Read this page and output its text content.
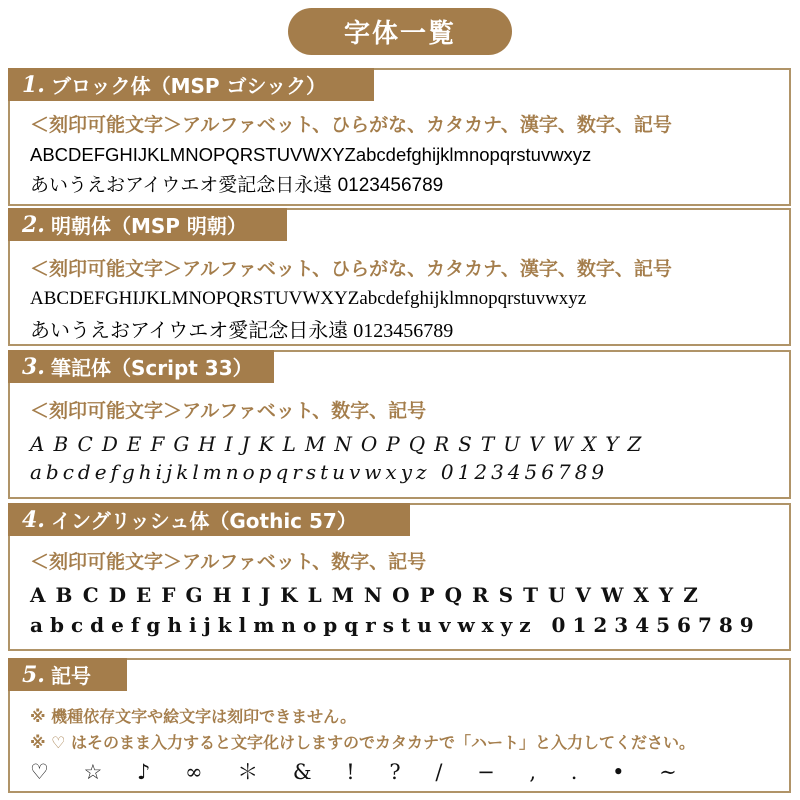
字体一覧
1. ブロック体（MSP ゴシック）
＜刻印可能文字＞アルファベット、ひらがな、カタカナ、漢字、数字、記号
ABCDEFGHIJKLMNOPQRSTUVWXYZabcdefghijklmnopqrstuvwxyz
あいうえおアイウエオ愛記念日永遠 0123456789
2. 明朝体（MSP 明朝）
＜刻印可能文字＞アルファベット、ひらがな、カタカナ、漢字、数字、記号
ABCDEFGHIJKLMNOPQRSTUVWXYZabcdefghijklmnopqrstuvwxyz
あいうえおアイウエオ愛記念日永遠 0123456789
3. 筆記体（Script 33）
＜刻印可能文字＞アルファベット、数字、記号
ABCDEFGHIJKLMNOPQRSTUVWXYZ
abcdefghijklmnopqrstuvwxyz 0123456789
4. イングリッシュ体（Gothic 57）
＜刻印可能文字＞アルファベット、数字、記号
ABCDEFGHIJKLMNOPQRSTUVWXYZ
abcdefghijklmnopqrstuvwxyz 0123456789
5. 記号
※ 機種依存文字や絵文字は刻印できません。
※ ♡ はそのまま入力すると文字化けしますのでカタカナで「ハート」と入力してください。
♡ ☆ ♪ ∞ ＊ & ! ? / − , . • ∼
